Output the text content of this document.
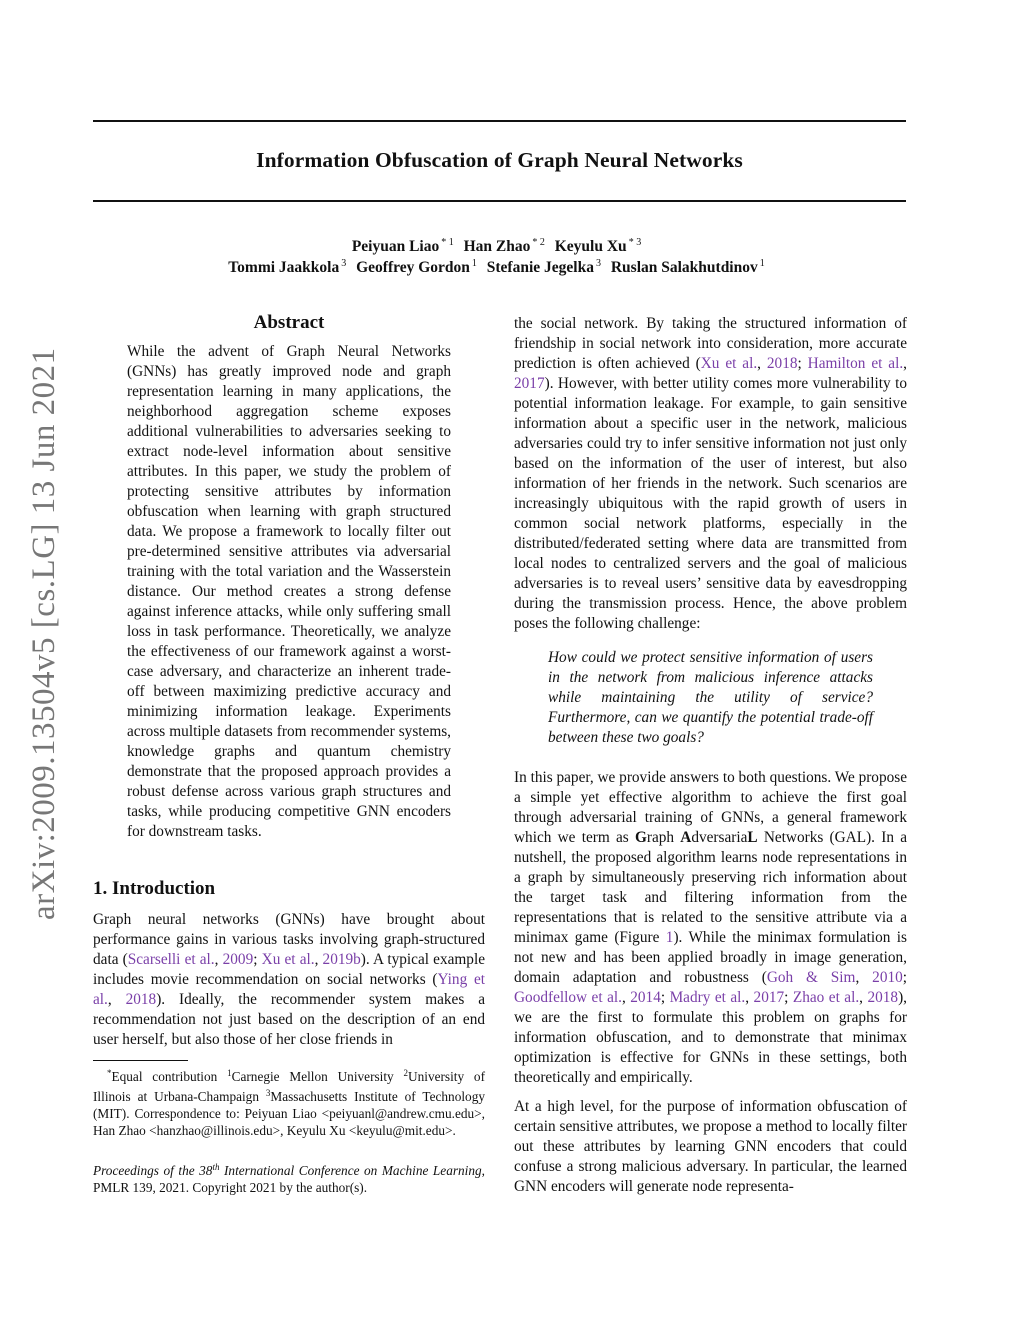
arXiv:2009.13504v5 [cs.LG] 13 Jun 2021
Information Obfuscation of Graph Neural Networks
Peiyuan Liao $^{* 1}$ Han Zhao $^{* 2}$ Keyulu Xu $^{* 3}$
Tommi Jaakkola $^3$ Geoffrey Gordon $^1$ Stefanie Jegelka $^3$ Ruslan Salakhutdinov $^1$
Abstract
While the advent of Graph Neural Networks (GNNs) has greatly improved node and graph representation learning in many applications, the neighborhood aggregation scheme exposes additional vulnerabilities to adversaries seeking to extract node-level information about sensitive attributes. In this paper, we study the problem of protecting sensitive attributes by information obfuscation when learning with graph structured data. We propose a framework to locally filter out pre-determined sensitive attributes via adversarial training with the total variation and the Wasserstein distance. Our method creates a strong defense against inference attacks, while only suffering small loss in task performance. Theoretically, we analyze the effectiveness of our framework against a worst-case adversary, and characterize an inherent trade-off between maximizing predictive accuracy and minimizing information leakage. Experiments across multiple datasets from recommender systems, knowledge graphs and quantum chemistry demonstrate that the proposed approach provides a robust defense across various graph structures and tasks, while producing competitive GNN encoders for downstream tasks.
1. Introduction

Graph neural networks (GNNs) have brought about performance gains in various tasks involving graph-structured data (Scarselli et al., 2009; Xu et al., 2019b). A typical example includes movie recommendation on social networks (Ying et al., 2018). Ideally, the recommender system makes a recommendation not just based on the description of an end user herself, but also those of her close friends in

the social network. By taking the structured information of friendship in social network into consideration, more accurate prediction is often achieved (Xu et al., 2018; Hamilton et al., 2017). However, with better utility comes more vulnerability to potential information leakage. For example, to gain sensitive information about a specific user in the network, malicious adversaries could try to infer sensitive information not just only based on the information of the user of interest, but also information of her friends in the network. Such scenarios are increasingly ubiquitous with the rapid growth of users in common social network platforms, especially in the distributed/federated setting where data are transmitted from local nodes to centralized servers and the goal of malicious adversaries is to reveal users’ sensitive data by eavesdropping during the transmission process. Hence, the above problem poses the following challenge:

How could we protect sensitive information of users in the network from malicious inference attacks while maintaining the utility of service? Furthermore, can we quantify the potential trade-off between these two goals?

In this paper, we provide answers to both questions. We propose a simple yet effective algorithm to achieve the first goal through adversarial training of GNNs, a general framework which we term as Graph AdversariaL Networks (GAL). In a nutshell, the proposed algorithm learns node representations in a graph by simultaneously preserving rich information about the target task and filtering information from the representations that is related to the sensitive attribute via a minimax game (Figure 1). While the minimax formulation is not new and has been applied broadly in image generation, domain adaptation and robustness (Goh & Sim, 2010; Goodfellow et al., 2014; Madry et al., 2017; Zhao et al., 2018), we are the first to formulate this problem on graphs for information obfuscation, and to demonstrate that minimax optimization is effective for GNNs in these settings, both theoretically and empirically.

At a high level, for the purpose of information obfuscation of certain sensitive attributes, we propose a method to locally filter out these attributes by learning GNN encoders that could confuse a strong malicious adversary. In particular, the learned GNN encoders will generate node representa-

*Equal contribution $^1$Carnegie Mellon University $^2$University of Illinois at Urbana-Champaign $^3$Massachusetts Institute of Technology (MIT). Correspondence to: Peiyuan Liao <peiyuanl@andrew.cmu.edu>, Han Zhao <hanzhao@illinois.edu>, Keyulu Xu <keyulu@mit.edu>.
Proceedings of the 38th International Conference on Machine Learning, PMLR 139, 2021. Copyright 2021 by the author(s).
